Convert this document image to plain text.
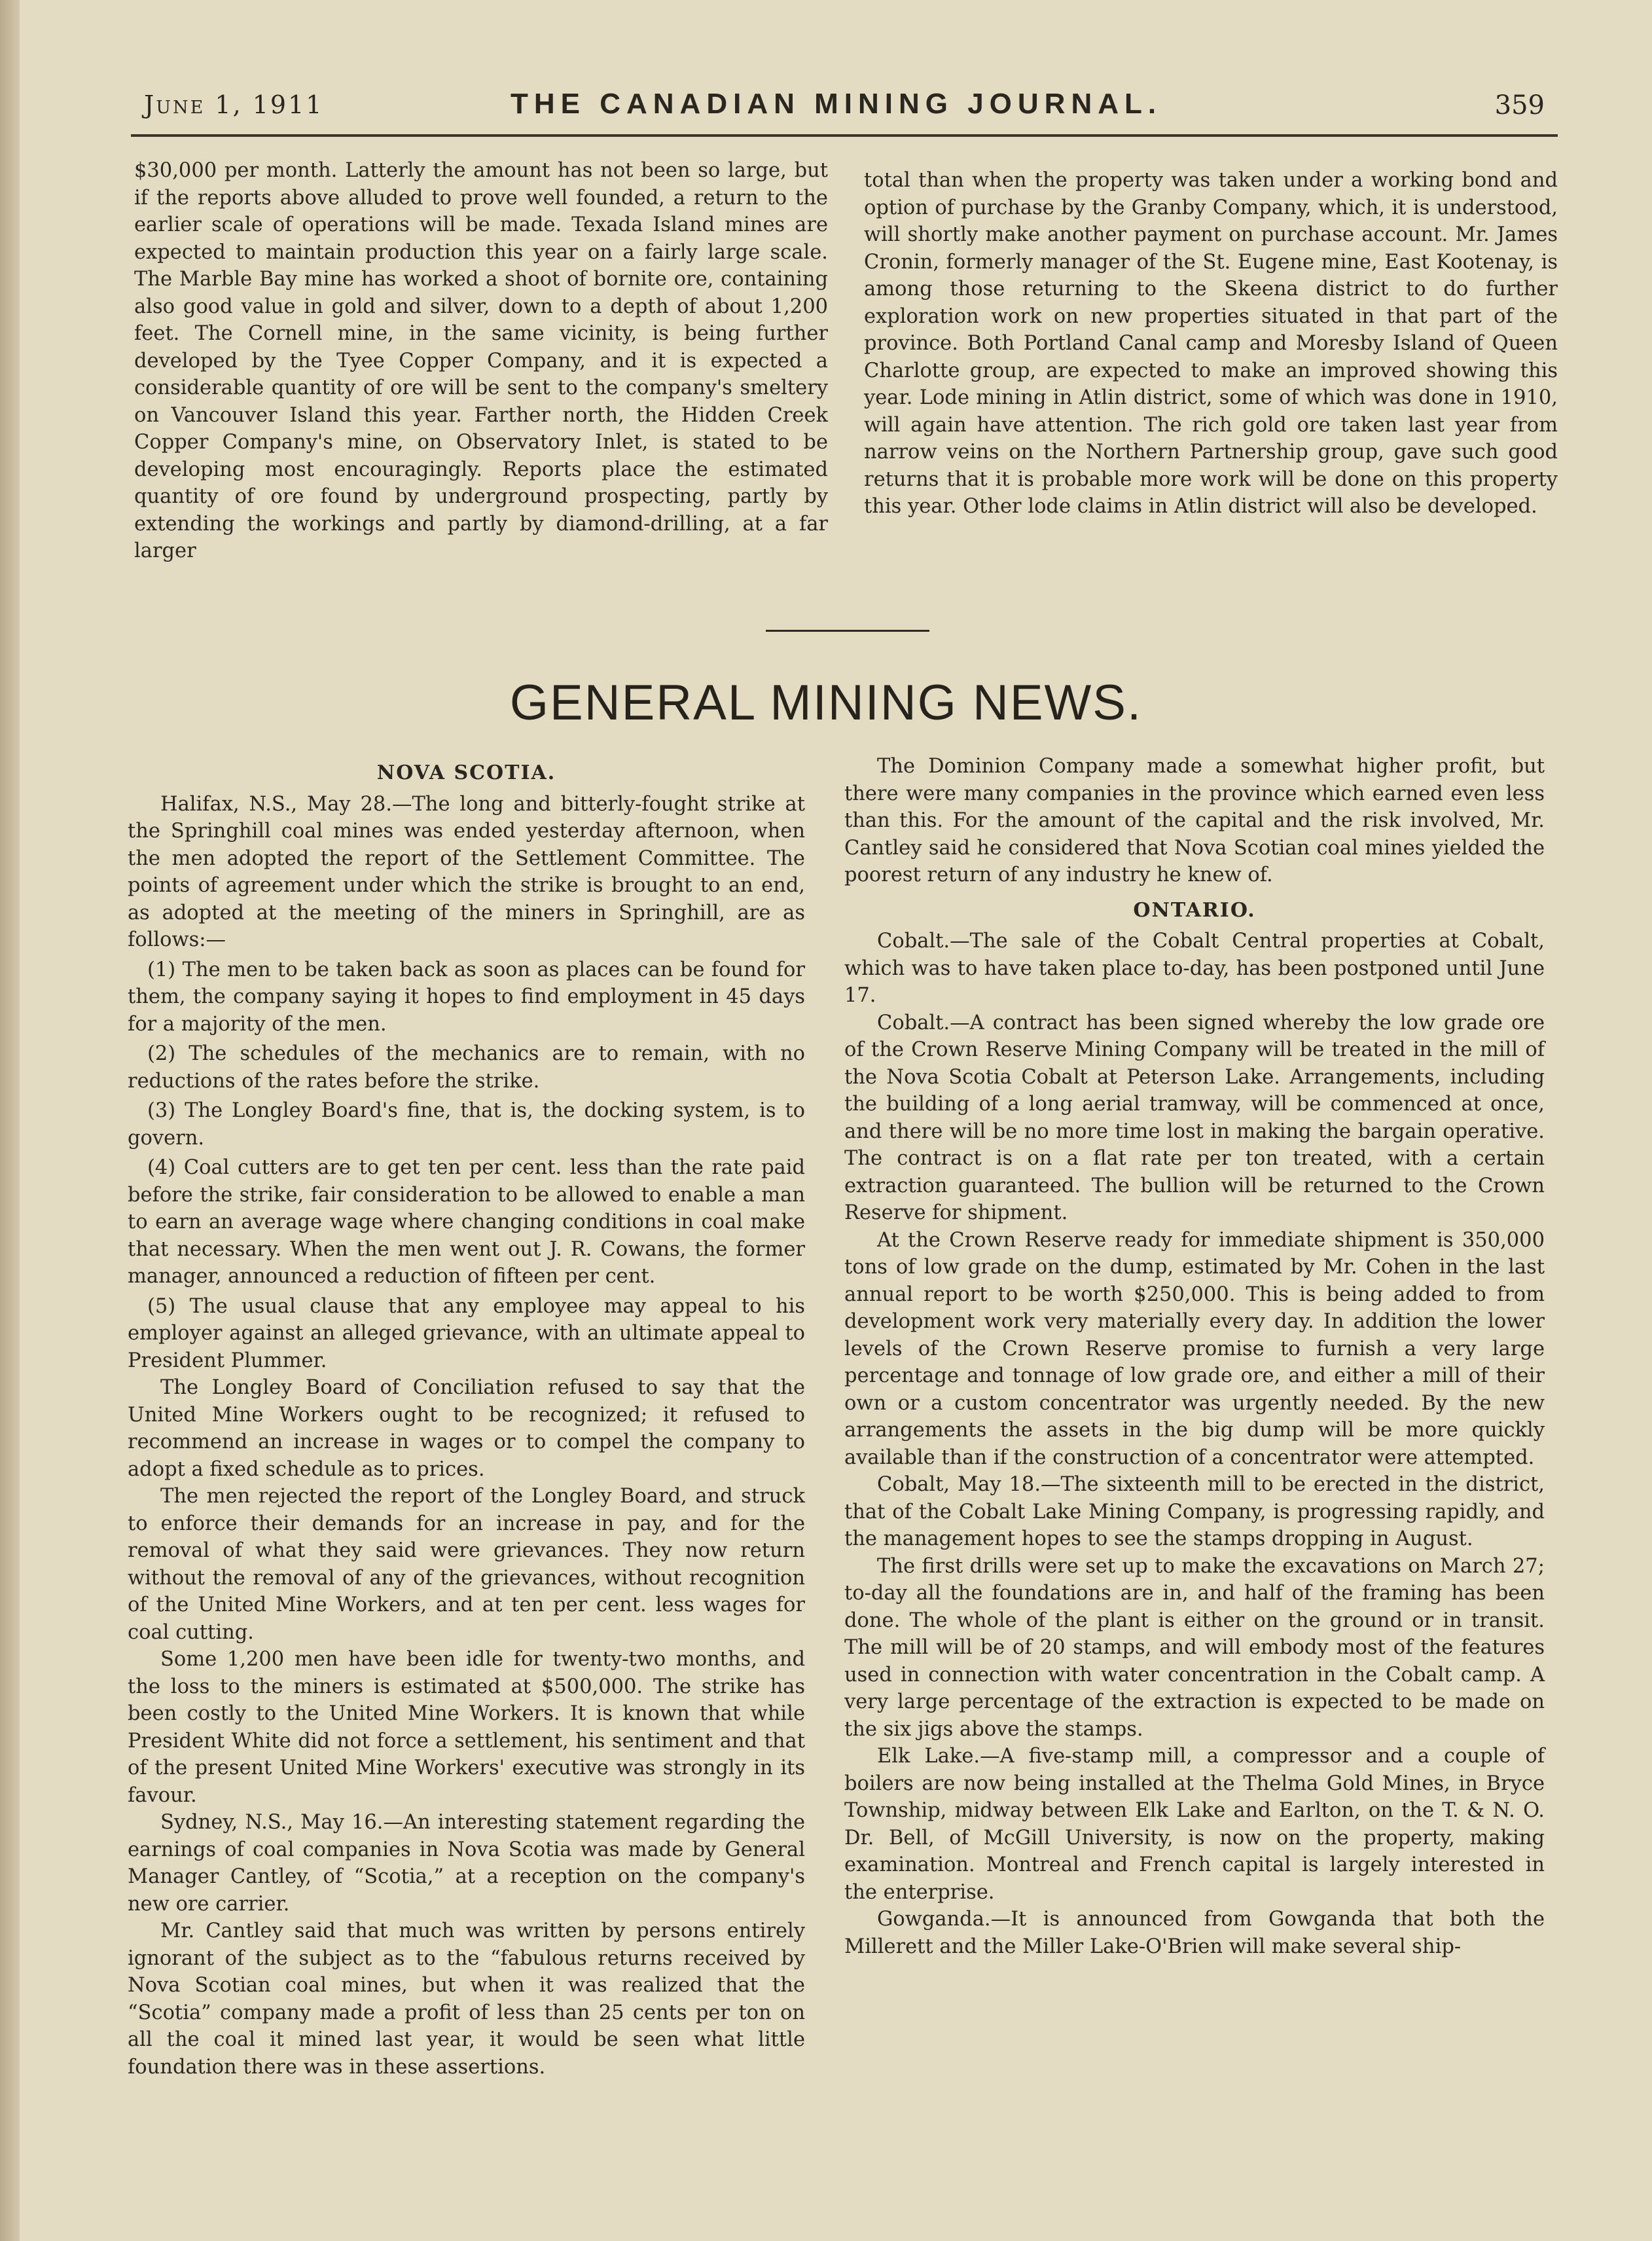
June 1, 1911	THE CANADIAN MINING JOURNAL.	359

$30,000 per month. Latterly the amount has not been so large, but if the reports above alluded to prove well founded, a return to the earlier scale of operations will be made. Texada Island mines are expected to maintain production this year on a fairly large scale. The Marble Bay mine has worked a shoot of bornite ore, containing also good value in gold and silver, down to a depth of about 1,200 feet. The Cornell mine, in the same vicinity, is being further developed by the Tyee Copper Company, and it is expected a considerable quantity of ore will be sent to the company's smeltery on Vancouver Island this year. Farther north, the Hidden Creek Copper Company's mine, on Observatory Inlet, is stated to be developing most encouragingly. Reports place the estimated quantity of ore found by underground prospecting, partly by extending the workings and partly by diamond-drilling, at a far larger

total than when the property was taken under a working bond and option of purchase by the Granby Company, which, it is understood, will shortly make another payment on purchase account. Mr. James Cronin, formerly manager of the St. Eugene mine, East Kootenay, is among those returning to the Skeena district to do further exploration work on new properties situated in that part of the province. Both Portland Canal camp and Moresby Island of Queen Charlotte group, are expected to make an improved showing this year. Lode mining in Atlin district, some of which was done in 1910, will again have attention. The rich gold ore taken last year from narrow veins on the Northern Partnership group, gave such good returns that it is probable more work will be done on this property this year. Other lode claims in Atlin district will also be developed.

GENERAL MINING NEWS.
NOVA SCOTIA.

Halifax, N.S., May 28.—The long and bitterly-fought strike at the Springhill coal mines was ended yesterday afternoon, when the men adopted the report of the Settlement Committee. The points of agreement under which the strike is brought to an end, as adopted at the meeting of the miners in Springhill, are as follows:—

(1) The men to be taken back as soon as places can be found for them, the company saying it hopes to find employment in 45 days for a majority of the men.

(2) The schedules of the mechanics are to remain, with no reductions of the rates before the strike.

(3) The Longley Board's fine, that is, the docking system, is to govern.

(4) Coal cutters are to get ten per cent. less than the rate paid before the strike, fair consideration to be allowed to enable a man to earn an average wage where changing conditions in coal make that necessary. When the men went out J. R. Cowans, the former manager, announced a reduction of fifteen per cent.

(5) The usual clause that any employee may appeal to his employer against an alleged grievance, with an ultimate appeal to President Plummer.

The Longley Board of Conciliation refused to say that the United Mine Workers ought to be recognized; it refused to recommend an increase in wages or to compel the company to adopt a fixed schedule as to prices.

The men rejected the report of the Longley Board, and struck to enforce their demands for an increase in pay, and for the removal of what they said were grievances. They now return without the removal of any of the grievances, without recognition of the United Mine Workers, and at ten per cent. less wages for coal cutting.

Some 1,200 men have been idle for twenty-two months, and the loss to the miners is estimated at $500,000. The strike has been costly to the United Mine Workers. It is known that while President White did not force a settlement, his sentiment and that of the present United Mine Workers' executive was strongly in its favour.

Sydney, N.S., May 16.—An interesting statement regarding the earnings of coal companies in Nova Scotia was made by General Manager Cantley, of “Scotia,” at a reception on the company's new ore carrier.

Mr. Cantley said that much was written by persons entirely ignorant of the subject as to the “fabulous returns received by Nova Scotian coal mines, but when it was realized that the “Scotia” company made a profit of less than 25 cents per ton on all the coal it mined last year, it would be seen what little foundation there was in these assertions.

The Dominion Company made a somewhat higher profit, but there were many companies in the province which earned even less than this. For the amount of the capital and the risk involved, Mr. Cantley said he considered that Nova Scotian coal mines yielded the poorest return of any industry he knew of.

ONTARIO.

Cobalt.—The sale of the Cobalt Central properties at Cobalt, which was to have taken place to-day, has been postponed until June 17.

Cobalt.—A contract has been signed whereby the low grade ore of the Crown Reserve Mining Company will be treated in the mill of the Nova Scotia Cobalt at Peterson Lake. Arrangements, including the building of a long aerial tramway, will be commenced at once, and there will be no more time lost in making the bargain operative. The contract is on a flat rate per ton treated, with a certain extraction guaranteed. The bullion will be returned to the Crown Reserve for shipment.

At the Crown Reserve ready for immediate shipment is 350,000 tons of low grade on the dump, estimated by Mr. Cohen in the last annual report to be worth $250,000. This is being added to from development work very materially every day. In addition the lower levels of the Crown Reserve promise to furnish a very large percentage and tonnage of low grade ore, and either a mill of their own or a custom concentrator was urgently needed. By the new arrangements the assets in the big dump will be more quickly available than if the construction of a concentrator were attempted.

Cobalt, May 18.—The sixteenth mill to be erected in the district, that of the Cobalt Lake Mining Company, is progressing rapidly, and the management hopes to see the stamps dropping in August.

The first drills were set up to make the excavations on March 27; to-day all the foundations are in, and half of the framing has been done. The whole of the plant is either on the ground or in transit. The mill will be of 20 stamps, and will embody most of the features used in connection with water concentration in the Cobalt camp. A very large percentage of the extraction is expected to be made on the six jigs above the stamps.

Elk Lake.—A five-stamp mill, a compressor and a couple of boilers are now being installed at the Thelma Gold Mines, in Bryce Township, midway between Elk Lake and Earlton, on the T. & N. O. Dr. Bell, of McGill University, is now on the property, making examination. Montreal and French capital is largely interested in the enterprise.

Gowganda.—It is announced from Gowganda that both the Millerett and the Miller Lake-O'Brien will make several ship-
